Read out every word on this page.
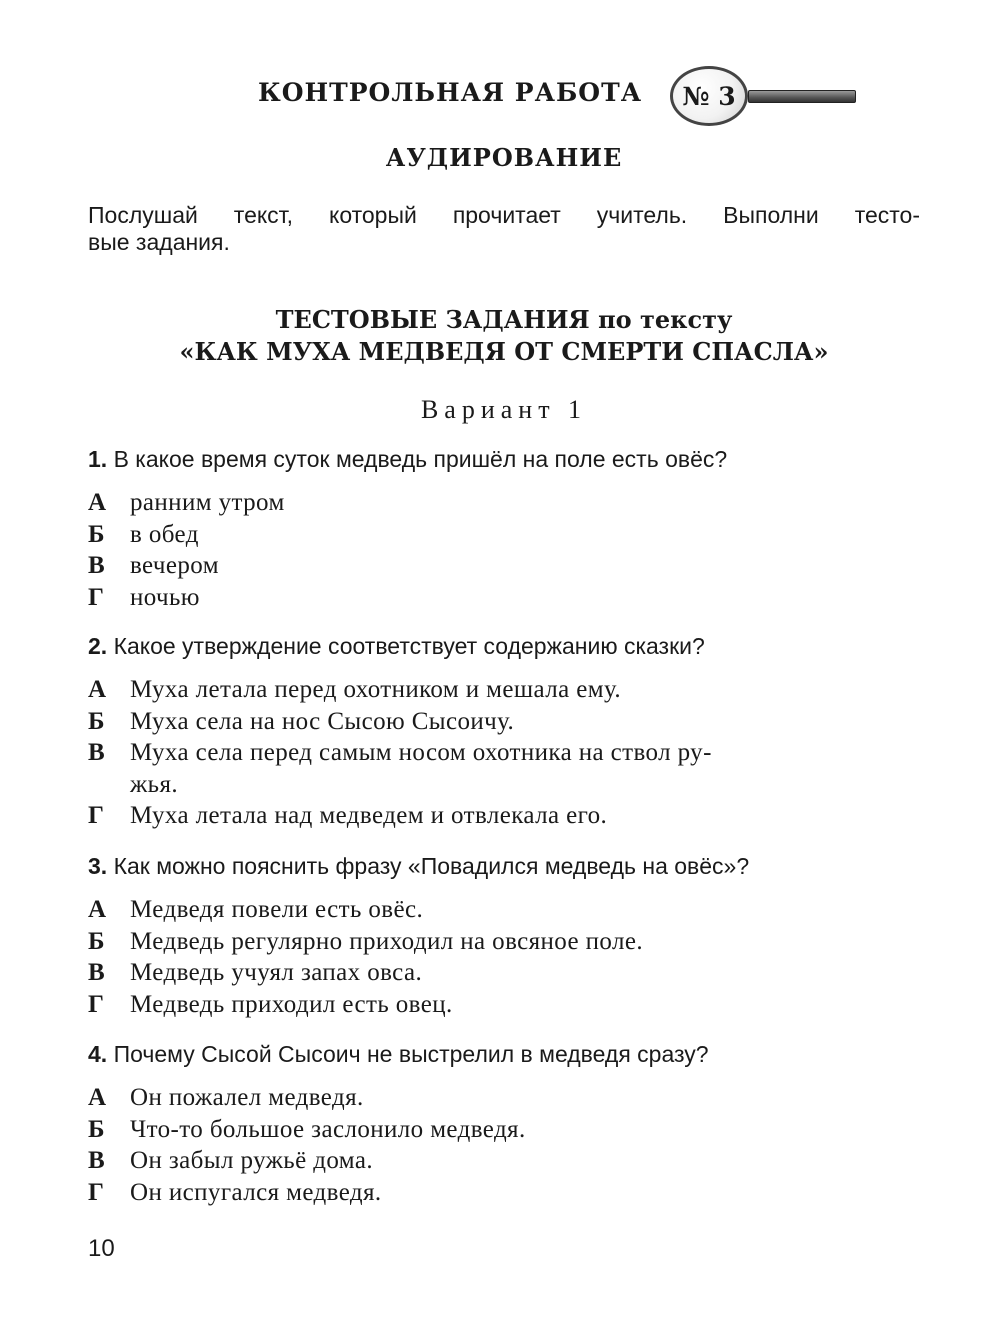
КОНТРОЛЬНАЯ РАБОТА	№ 3
АУДИРОВАНИЕ
Послушай текст, который прочитает учитель. Выполни тесто-
вые задания.
ТЕСТОВЫЕ ЗАДАНИЯ по тексту
«КАК МУХА МЕДВЕДЯ ОТ СМЕРТИ СПАСЛА»
Вариант 1
1. В какое время суток медведь пришёл на поле есть овёс?
А ранним утром
Б	в обед
В	вечером
Г	ночью
2. Какое утверждение соответствует содержанию сказки?
А Муха летала перед охотником и мешала ему.
Б	Муха села на нос Сысою Сысоичу.
В	Муха села перед самым носом охотника на ствол ру-
жья.
Г	Муха летала над медведем и отвлекала его.
3. Как можно пояснить фразу «Повадился медведь на овёс»?
А Медведя повели есть овёс.
Б	Медведь регулярно приходил на овсяное поле.
В	Медведь учуял запах овса.
Г	Медведь приходил есть овец.
4. Почему Сысой Сысоич не выстрелил в медведя сразу?
А Он пожалел медведя.
Б	Что-то большое заслонило медведя.
В	Он забыл ружьё дома.
Г	Он испугался медведя.
10
